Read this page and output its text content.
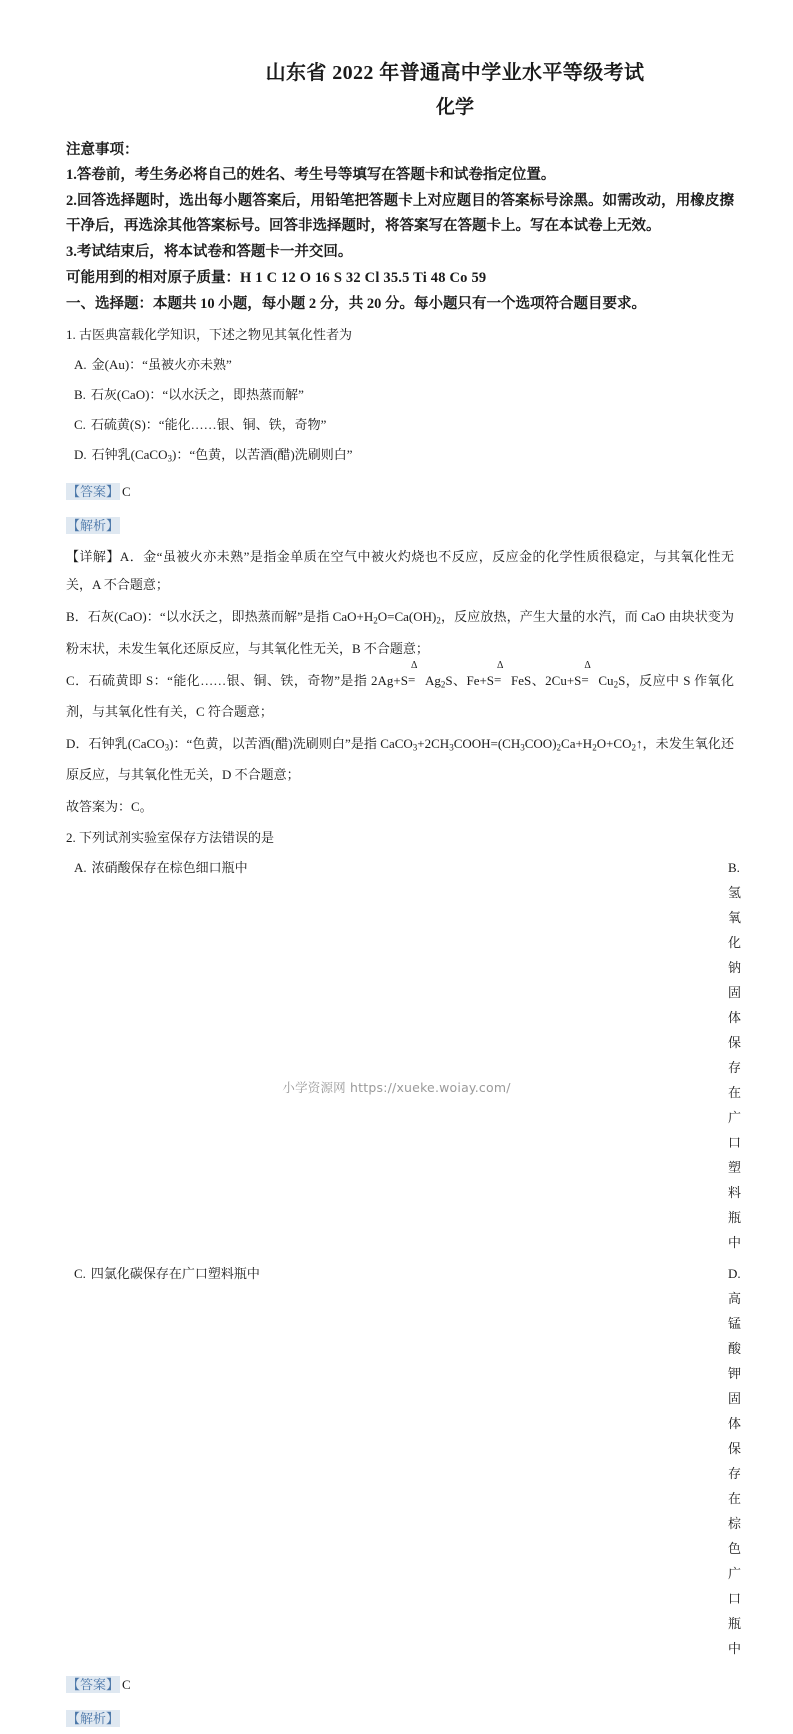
山东省 2022 年普通高中学业水平等级考试
化学

注意事项：

1.答卷前，考生务必将自己的姓名、考生号等填写在答题卡和试卷指定位置。

2.回答选择题时，选出每小题答案后，用铅笔把答题卡上对应题目的答案标号涂黑。如需改动，用橡皮擦干净后，再选涂其他答案标号。回答非选择题时，将答案写在答题卡上。写在本试卷上无效。

3.考试结束后，将本试卷和答题卡一并交回。

可能用到的相对原子质量：H 1 C 12 O 16 S 32 Cl 35.5 Ti 48 Co 59

一、选择题：本题共 10 小题，每小题 2 分，共 20 分。每小题只有一个选项符合题目要求。

1. 古医典富载化学知识，下述之物见其氧化性者为

A. 金(Au)：“虽被火亦未熟”

B. 石灰(CaO)：“以水沃之，即热蒸而解”

C. 石硫黄(S)：“能化……银、铜、铁，奇物”

D. 石钟乳(CaCO$_3$)：“色黄，以苦酒(醋)洗刷则白”

【答案】 C

【解析】

【详解】A．金“虽被火亦未熟”是指金单质在空气中被火灼烧也不反应，反应金的化学性质很稳定，与其氧化性无关，A 不合题意；

B．石灰(CaO)：“以水沃之，即热蒸而解”是指 $CaO+H_2O=Ca(OH)_2$，反应放热，产生大量的水汽，而 CaO 由块状变为粉末状，未发生氧化还原反应，与其氧化性无关，B 不合题意；

C．石硫黄即 S：“能化……银、铜、铁，奇物”是指 2Ag+S =
Δ
$Ag_2S$、Fe+S =
Δ
FeS、2Cu+S =
Δ
$Cu_2S$，反应中 S 作氧化剂，与其氧化性有关，C 符合题意；

D．石钟乳(CaCO$_3$)：“色黄，以苦酒(醋)洗刷则白”是指 $CaCO_3+2CH_3COOH=(CH_3COO)_2Ca+H_2O+CO_2↑$，未发生氧化还原反应，与其氧化性无关，D 不合题意；

故答案为：C。

2. 下列试剂实验室保存方法错误的是

A. 浓硝酸保存在棕色细口瓶中	B.氢氧化钠固体保存在广口塑料瓶中

C. 四氯化碳保存在广口塑料瓶中	D.高锰酸钾固体保存在棕色广口瓶中

【答案】 C

【解析】

小学资源网 https://xueke.woiay.com/
